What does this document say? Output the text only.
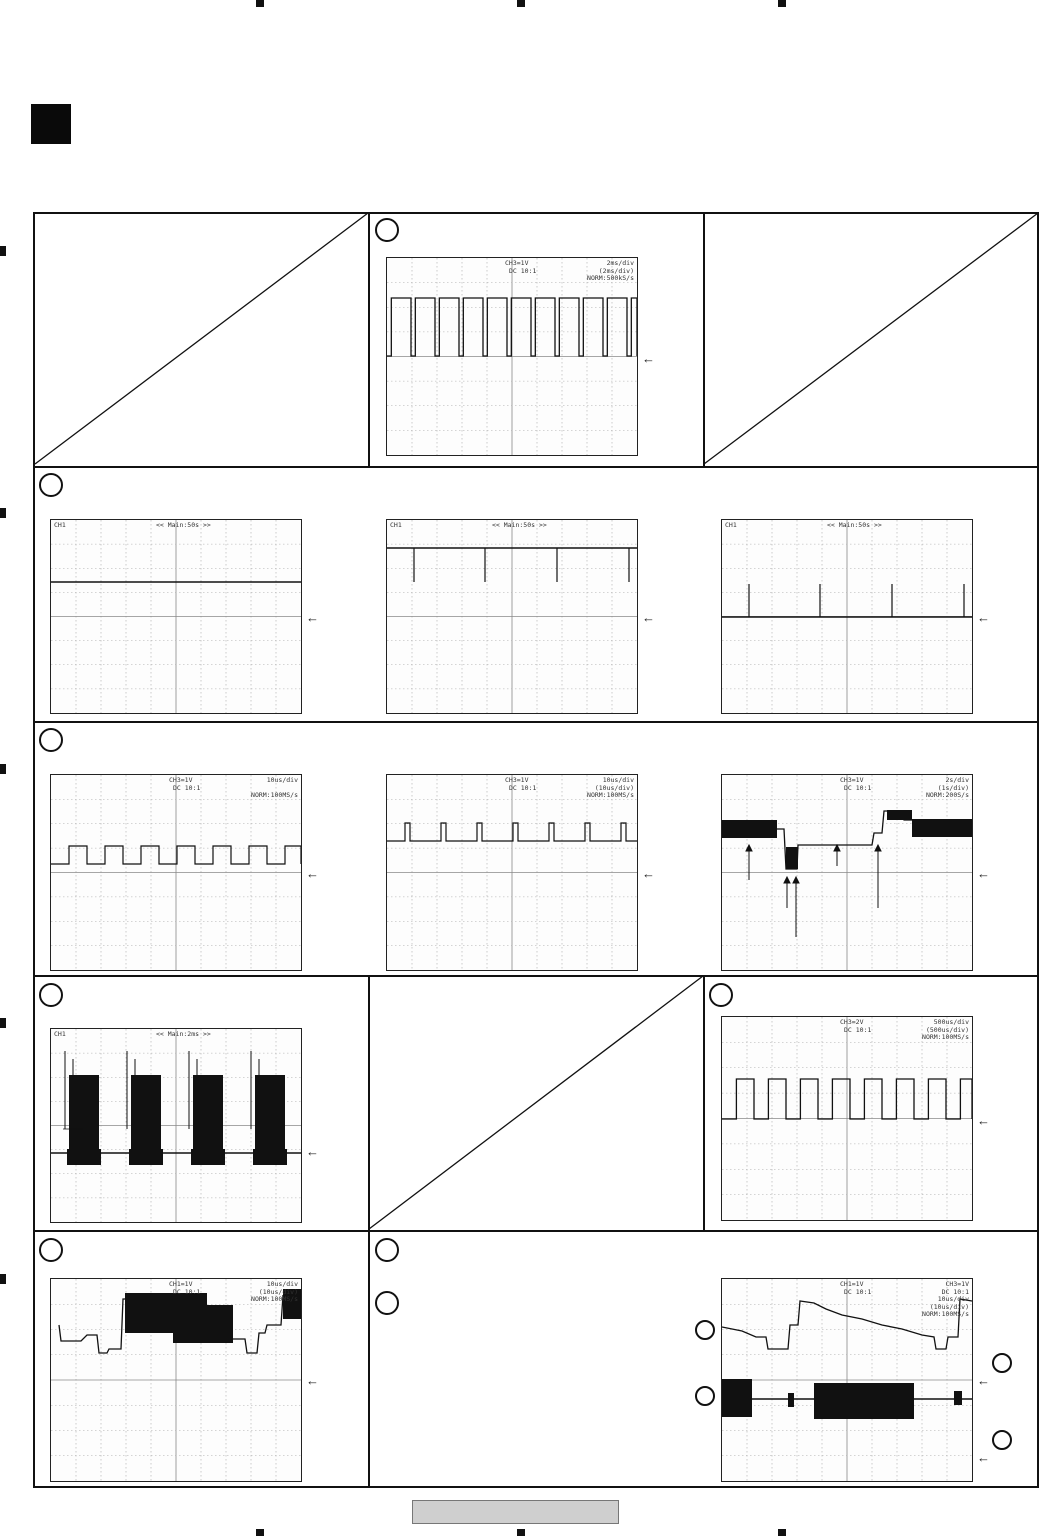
CH3=1V
DC 10:1
2ms/div
(2ms/div)
NORM:500kS/s
<< Main:50s >>
CH1	<< Main:50s >>
CH1	<< Main:50s >>
CH1
CH3=1V
DC 10:1
10us/div

NORM:100MS/s
CH3=1V
DC 10:1
10us/div
(10us/div)
NORM:100MS/s
CH3=1V
DC 10:1
2s/div
(1s/div)
NORM:200S/s
<< Main:2ms >>
CH1
CH3=2V
DC 10:1
500us/div
(500us/div)
NORM:100MS/s
CH1=1V
DC 10:1
10us/div
(10us/div)
NORM:100MS/s
CH1=1V
DC 10:1
CH3=1V
DC 10:1
10us/div
(10us/div)
NORM:100MS/s
←
←	←	←
←	←	←
←
←
←	←
←
